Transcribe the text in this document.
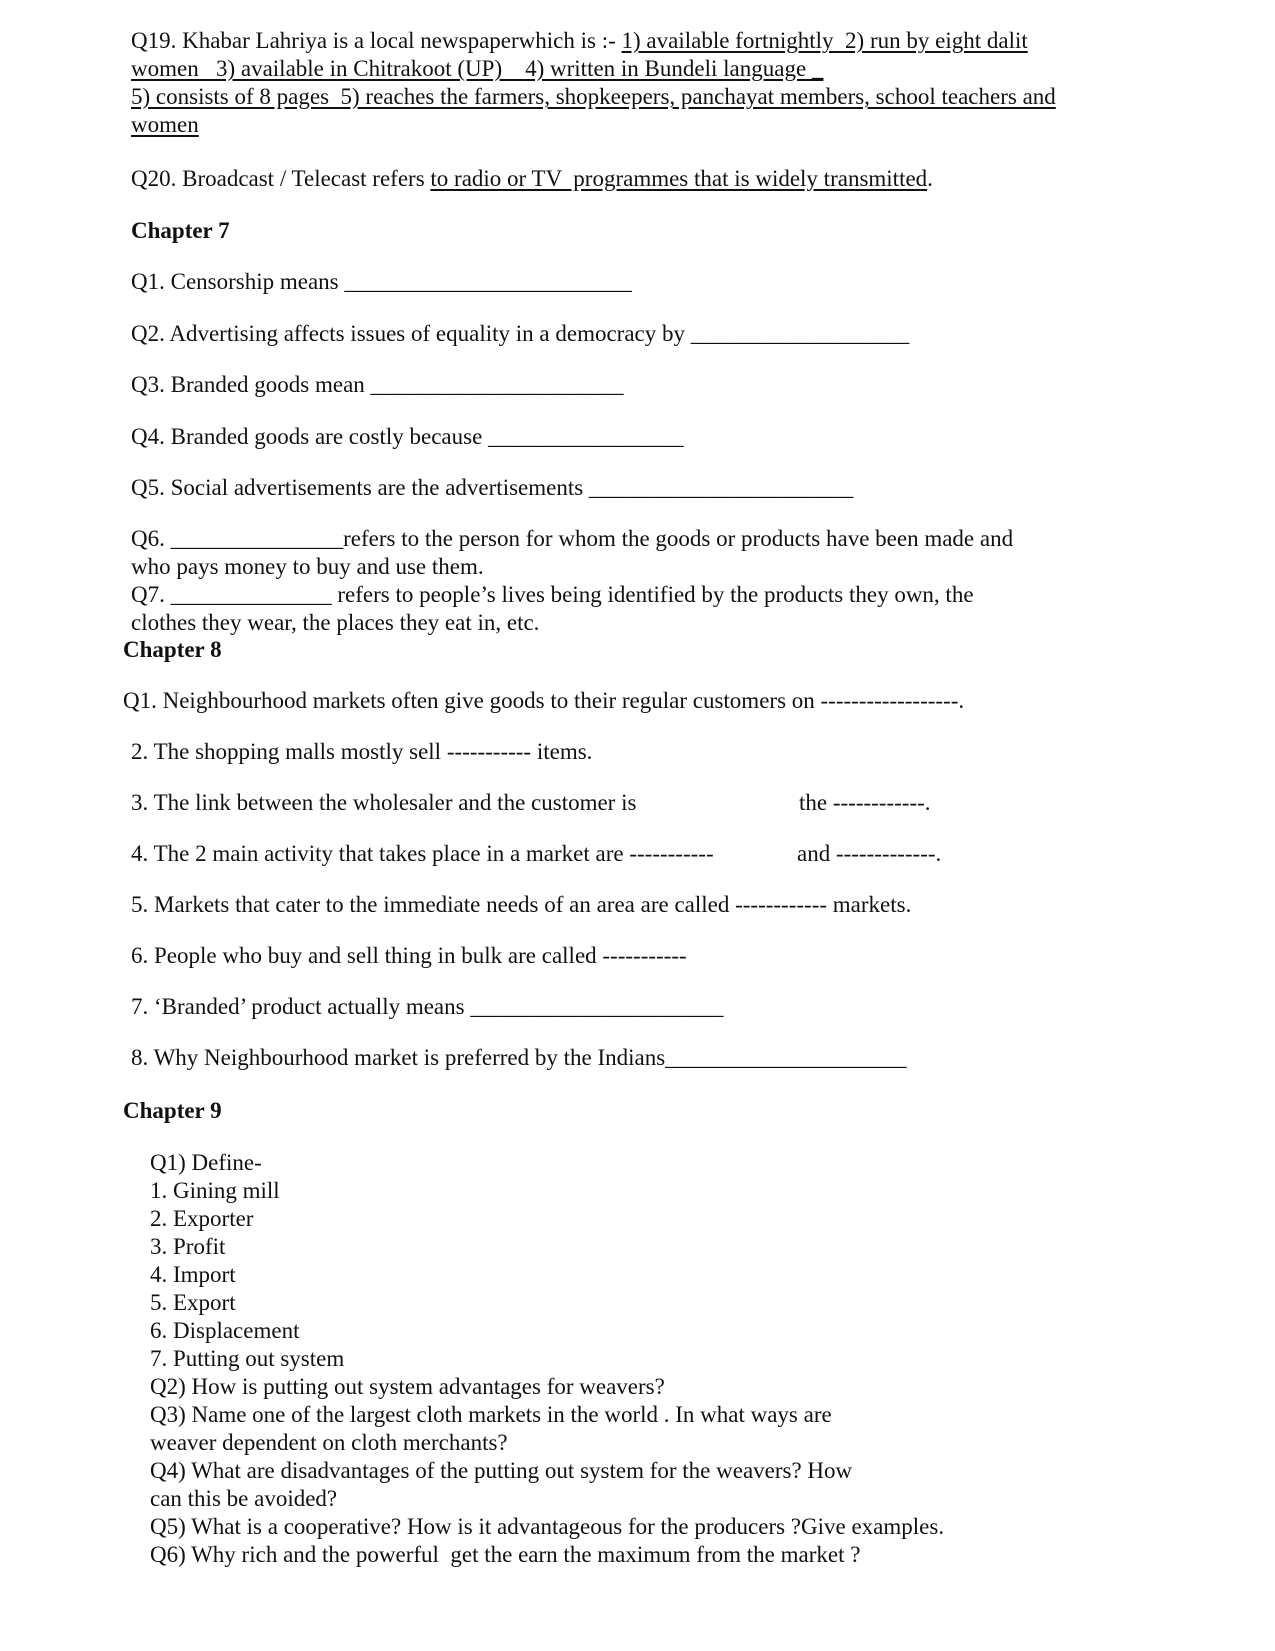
Q19. Khabar Lahriya is a local newspaperwhich is :- 1) available fortnightly  2) run by eight dalit
women   3) available in Chitrakoot (UP)    4) written in Bundeli language _
5) consists of 8 pages  5) reaches the farmers, shopkeepers, panchayat members, school teachers and
women
Q20. Broadcast / Telecast refers to radio or TV  programmes that is widely transmitted.
Chapter 7
Q1. Censorship means _________________________
Q2. Advertising affects issues of equality in a democracy by ___________________
Q3. Branded goods mean ______________________
Q4. Branded goods are costly because _________________
Q5. Social advertisements are the advertisements _______________________
Q6. _______________refers to the person for whom the goods or products have been made and
who pays money to buy and use them.
Q7. ______________ refers to people’s lives being identified by the products they own, the
clothes they wear, the places they eat in, etc.
Chapter 8
Q1. Neighbourhood markets often give goods to their regular customers on ------------------.
2. The shopping malls mostly sell ----------- items.
3. The link between the wholesaler and the customer is	the ------------.
4. The 2 main activity that takes place in a market are -----------	and -------------.
5. Markets that cater to the immediate needs of an area are called ------------ markets.
6. People who buy and sell thing in bulk are called -----------
7. ‘Branded’ product actually means ______________________
8. Why Neighbourhood market is preferred by the Indians_____________________
Chapter 9
Q1) Define-
1. Gining mill
2. Exporter
3. Profit
4. Import
5. Export
6. Displacement
7. Putting out system
Q2) How is putting out system advantages for weavers?
Q3) Name one of the largest cloth markets in the world . In what ways are
weaver dependent on cloth merchants?
Q4) What are disadvantages of the putting out system for the weavers? How
can this be avoided?
Q5) What is a cooperative? How is it advantageous for the producers ?Give examples.
Q6) Why rich and the powerful  get the earn the maximum from the market ?
